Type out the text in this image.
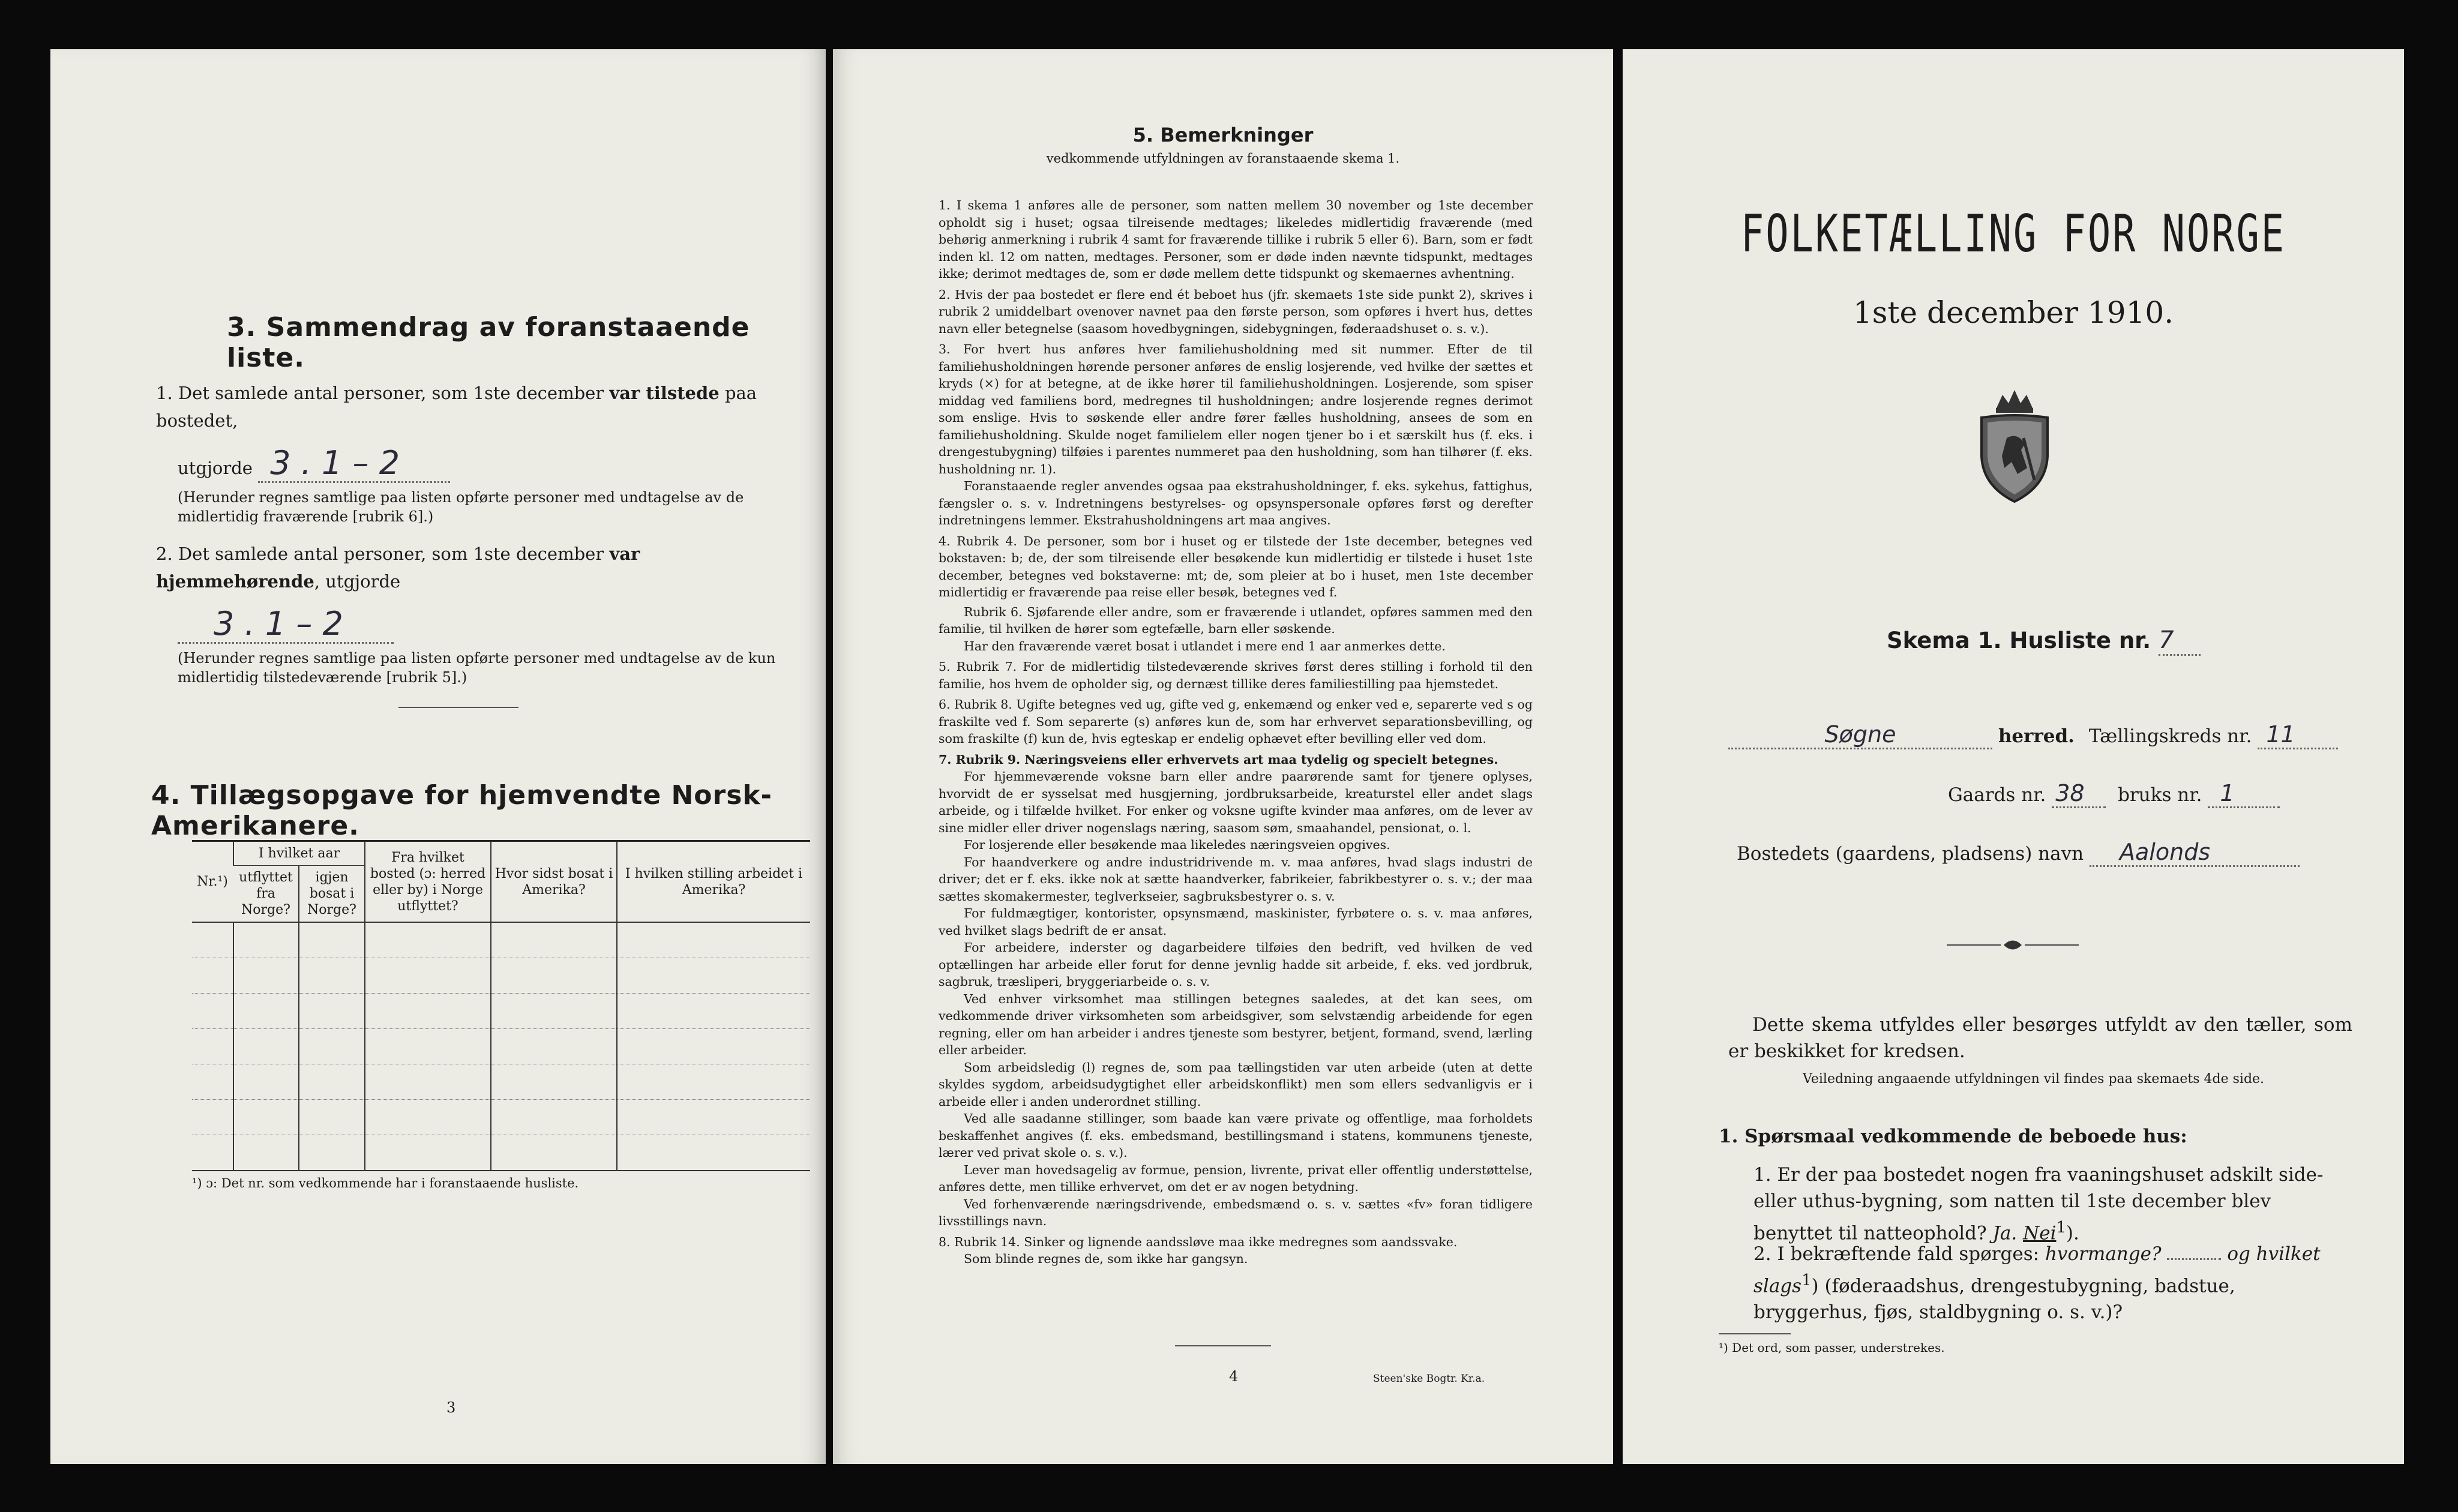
3. Sammendrag av foranstaaende liste.
1. Det samlede antal personer, som 1ste december var tilstede paa bostedet,
utgjorde 3 . 1 – 2
(Herunder regnes samtlige paa listen opførte personer med undtagelse av de midlertidig fraværende [rubrik 6].)
2. Det samlede antal personer, som 1ste december var hjemmehørende, utgjorde
3 . 1 – 2
(Herunder regnes samtlige paa listen opførte personer med undtagelse av de kun midlertidig tilstedeværende [rubrik 5].)
4. Tillægsopgave for hjemvendte Norsk-Amerikanere.
Nr.¹)	I hvilket aar		Fra hvilket bosted (ɔ: herred eller by) i Norge utflyttet?	Hvor sidst bosat i Amerika?	I hvilken stilling arbeidet i Amerika?
	utflyttet fra Norge?	igjen bosat i Norge?			

¹) ɔ: Det nr. som vedkommende har i foranstaaende husliste.
3
5. Bemerkninger
vedkommende utfyldningen av foranstaaende skema 1.

1. I skema 1 anføres alle de personer, som natten mellem 30 november og 1ste december opholdt sig i huset; ogsaa tilreisende medtages; likeledes midlertidig fraværende (med behørig anmerkning i rubrik 4 samt for fraværende tillike i rubrik 5 eller 6). Barn, som er født inden kl. 12 om natten, medtages. Personer, som er døde inden nævnte tidspunkt, medtages ikke; derimot medtages de, som er døde mellem dette tidspunkt og skemaernes avhentning.

2. Hvis der paa bostedet er flere end ét beboet hus (jfr. skemaets 1ste side punkt 2), skrives i rubrik 2 umiddelbart ovenover navnet paa den første person, som opføres i hvert hus, dettes navn eller betegnelse (saasom hovedbygningen, sidebygningen, føderaadshuset o. s. v.).

3. For hvert hus anføres hver familiehusholdning med sit nummer. Efter de til familiehusholdningen hørende personer anføres de enslig losjerende, ved hvilke der sættes et kryds (×) for at betegne, at de ikke hører til familiehusholdningen. Losjerende, som spiser middag ved familiens bord, medregnes til husholdningen; andre losjerende regnes derimot som enslige. Hvis to søskende eller andre fører fælles husholdning, ansees de som en familiehusholdning. Skulde noget familielem eller nogen tjener bo i et særskilt hus (f. eks. i drengestubygning) tilføies i parentes nummeret paa den husholdning, som han tilhører (f. eks. husholdning nr. 1).

Foranstaaende regler anvendes ogsaa paa ekstrahusholdninger, f. eks. sykehus, fattighus, fængsler o. s. v. Indretningens bestyrelses- og opsynspersonale opføres først og derefter indretningens lemmer. Ekstrahusholdningens art maa angives.

4. Rubrik 4. De personer, som bor i huset og er tilstede der 1ste december, betegnes ved bokstaven: b; de, der som tilreisende eller besøkende kun midlertidig er tilstede i huset 1ste december, betegnes ved bokstaverne: mt; de, som pleier at bo i huset, men 1ste december midlertidig er fraværende paa reise eller besøk, betegnes ved f.

Rubrik 6. Sjøfarende eller andre, som er fraværende i utlandet, opføres sammen med den familie, til hvilken de hører som egtefælle, barn eller søskende.

Har den fraværende været bosat i utlandet i mere end 1 aar anmerkes dette.

5. Rubrik 7. For de midlertidig tilstedeværende skrives først deres stilling i forhold til den familie, hos hvem de opholder sig, og dernæst tillike deres familiestilling paa hjemstedet.

6. Rubrik 8. Ugifte betegnes ved ug, gifte ved g, enkemænd og enker ved e, separerte ved s og fraskilte ved f. Som separerte (s) anføres kun de, som har erhvervet separationsbevilling, og som fraskilte (f) kun de, hvis egteskap er endelig ophævet efter bevilling eller ved dom.

7. Rubrik 9. Næringsveiens eller erhvervets art maa tydelig og specielt betegnes.

For hjemmeværende voksne barn eller andre paarørende samt for tjenere oplyses, hvorvidt de er sysselsat med husgjerning, jordbruksarbeide, kreaturstel eller andet slags arbeide, og i tilfælde hvilket. For enker og voksne ugifte kvinder maa anføres, om de lever av sine midler eller driver nogenslags næring, saasom søm, smaahandel, pensionat, o. l.

For losjerende eller besøkende maa likeledes næringsveien opgives.

For haandverkere og andre industridrivende m. v. maa anføres, hvad slags industri de driver; det er f. eks. ikke nok at sætte haandverker, fabrikeier, fabrikbestyrer o. s. v.; der maa sættes skomakermester, teglverkseier, sagbruksbestyrer o. s. v.

For fuldmægtiger, kontorister, opsynsmænd, maskinister, fyrbøtere o. s. v. maa anføres, ved hvilket slags bedrift de er ansat.

For arbeidere, inderster og dagarbeidere tilføies den bedrift, ved hvilken de ved optællingen har arbeide eller forut for denne jevnlig hadde sit arbeide, f. eks. ved jordbruk, sagbruk, træsliperi, bryggeriarbeide o. s. v.

Ved enhver virksomhet maa stillingen betegnes saaledes, at det kan sees, om vedkommende driver virksomheten som arbeidsgiver, som selvstændig arbeidende for egen regning, eller om han arbeider i andres tjeneste som bestyrer, betjent, formand, svend, lærling eller arbeider.

Som arbeidsledig (l) regnes de, som paa tællingstiden var uten arbeide (uten at dette skyldes sygdom, arbeidsudygtighet eller arbeidskonflikt) men som ellers sedvanligvis er i arbeide eller i anden underordnet stilling.

Ved alle saadanne stillinger, som baade kan være private og offentlige, maa forholdets beskaffenhet angives (f. eks. embedsmand, bestillingsmand i statens, kommunens tjeneste, lærer ved privat skole o. s. v.).

Lever man hovedsagelig av formue, pension, livrente, privat eller offentlig understøttelse, anføres dette, men tillike erhvervet, om det er av nogen betydning.

Ved forhenværende næringsdrivende, embedsmænd o. s. v. sættes «fv» foran tidligere livsstillings navn.

8. Rubrik 14. Sinker og lignende aandssløve maa ikke medregnes som aandssvake.

Som blinde regnes de, som ikke har gangsyn.

4	Steen'ske Bogtr. Kr.a.
FOLKETÆLLING FOR NORGE
1ste december 1910.
Skema 1. Husliste nr. 7
Søgne	herred. Tællingskreds nr. 11
Gaards nr. 38 bruks nr. 1
Bostedets (gaardens, pladsens) navn Aalonds
Dette skema utfyldes eller besørges utfyldt av den tæller, som er beskikket for kredsen.
Veiledning angaaende utfyldningen vil findes paa skemaets 4de side.
1. Spørsmaal vedkommende de beboede hus:
1. Er der paa bostedet nogen fra vaaningshuset adskilt side- eller uthus-bygning, som natten til 1ste december blev benyttet til natteophold? Ja. Nei$^1$).
2. I bekræftende fald spørges: hvormange?	og hvilket slags$^1$) (føderaadshus, drengestubygning, badstue, bryggerhus, fjøs, staldbygning o. s. v.)?
¹) Det ord, som passer, understrekes.
